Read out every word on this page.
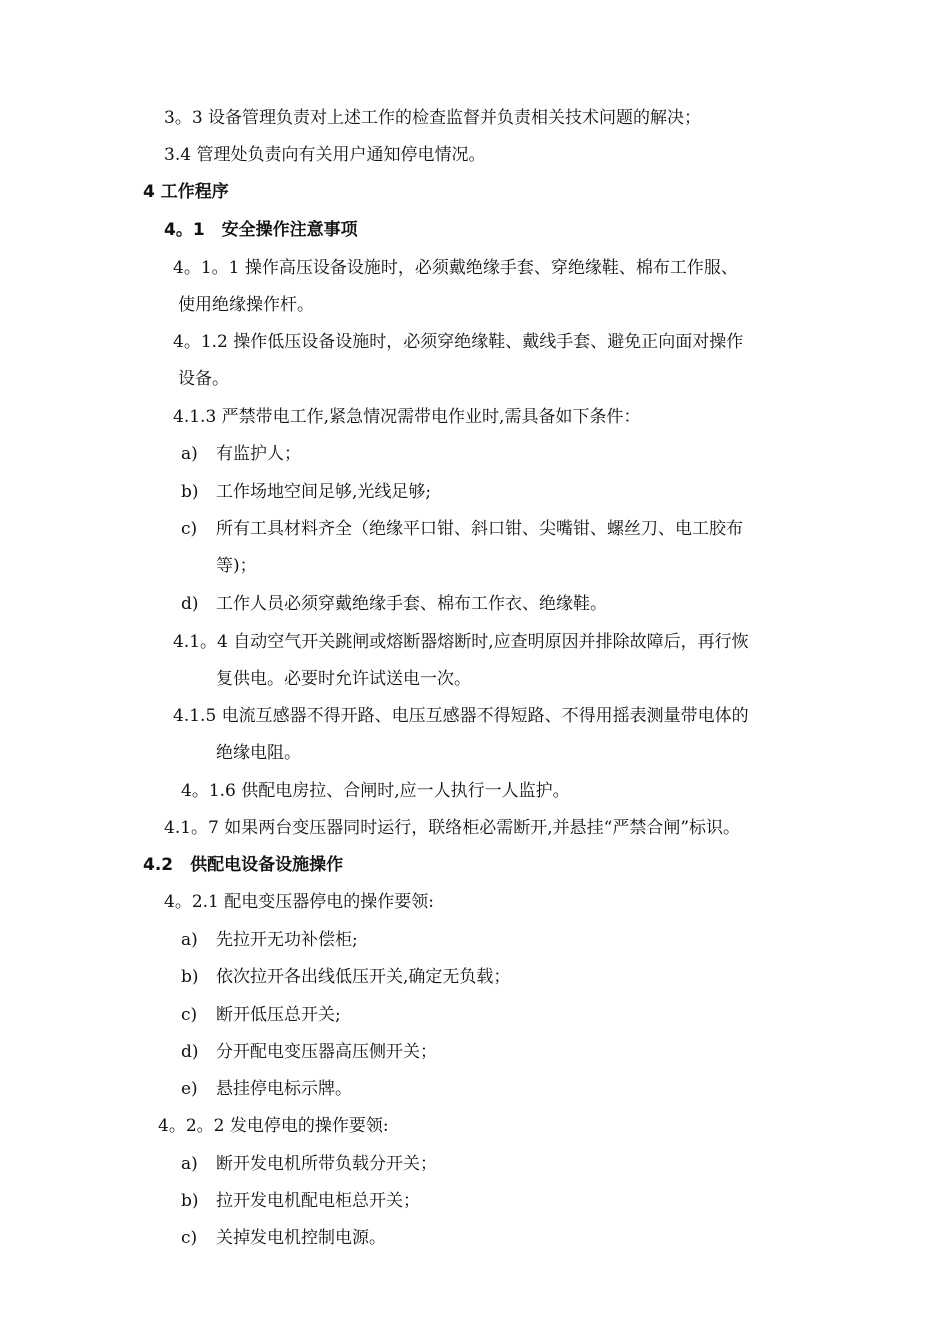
3。3 设备管理负责对上述工作的检查监督并负责相关技术问题的解决；
3.4 管理处负责向有关用户通知停电情况。
4 工作程序
4。1　安全操作注意事项
4。1。1 操作高压设备设施时，必须戴绝缘手套、穿绝缘鞋、棉布工作服、
使用绝缘操作杆。
4。1.2 操作低压设备设施时，必须穿绝缘鞋、戴线手套、避免正向面对操作
设备。
4.1.3 严禁带电工作,紧急情况需带电作业时,需具备如下条件：
a) 有监护人；
b) 工作场地空间足够,光线足够;
c) 所有工具材料齐全（绝缘平口钳、斜口钳、尖嘴钳、螺丝刀、电工胶布
等)；
d) 工作人员必须穿戴绝缘手套、棉布工作衣、绝缘鞋。
4.1。4 自动空气开关跳闸或熔断器熔断时,应查明原因并排除故障后，再行恢
复供电。必要时允许试送电一次。
4.1.5 电流互感器不得开路、电压互感器不得短路、不得用摇表测量带电体的
绝缘电阻。
4。1.6 供配电房拉、合闸时,应一人执行一人监护。
4.1。7 如果两台变压器同时运行，联络柜必需断开,并悬挂“严禁合闸”标识。
4.2　供配电设备设施操作
4。2.1 配电变压器停电的操作要领:
a) 先拉开无功补偿柜;
b) 依次拉开各出线低压开关,确定无负载；
c) 断开低压总开关;
d) 分开配电变压器高压侧开关；
e) 悬挂停电标示牌。
4。2。2 发电停电的操作要领:
a) 断开发电机所带负载分开关；
b) 拉开发电机配电柜总开关；
c) 关掉发电机控制电源。
